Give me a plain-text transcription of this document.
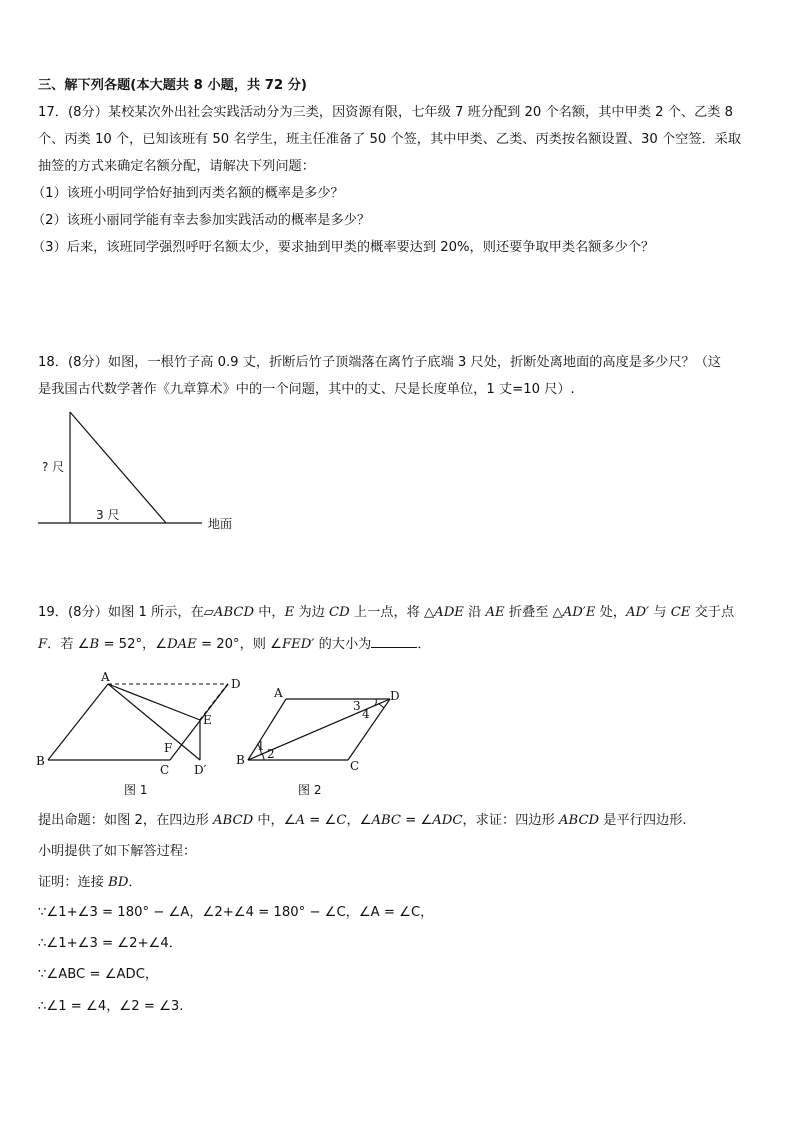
三、解下列各题(本大题共 8 小题，共 72 分)
17．(8分）某校某次外出社会实践活动分为三类，因资源有限，七年级 7 班分配到 20 个名额，其中甲类 2 个、乙类 8
个、丙类 10 个，已知该班有 50 名学生，班主任准备了 50 个签，其中甲类、乙类、丙类按名额设置、30 个空签．采取
抽签的方式来确定名额分配，请解决下列问题：
（1）该班小明同学恰好抽到丙类名额的概率是多少？
（2）该班小丽同学能有幸去参加实践活动的概率是多少？
（3）后来，该班同学强烈呼吁名额太少，要求抽到甲类的概率要达到 20%，则还要争取甲类名额多少个？
18．(8分）如图，一根竹子高 0.9 丈，折断后竹子顶端落在离竹子底端 3 尺处，折断处离地面的高度是多少尺？（这
是我国古代数学著作《九章算术》中的一个问题，其中的丈、尺是长度单位，1 丈=10 尺）.
? 尺
3 尺
地面
19．(8分）如图 1 所示，在▱ABCD 中，E 为边 CD 上一点，将 △ADE 沿 AE 折叠至 △AD′E 处，AD′ 与 CE 交于点
F．若 ∠B = 52°，∠DAE = 20°，则 ∠FED′ 的大小为	．
A
B
C
D
E
F
D′
图 1
A
B	C
D
1
2
3
4
图 2
提出命题：如图 2，在四边形 ABCD 中，∠A = ∠C，∠ABC = ∠ADC，求证：四边形 ABCD 是平行四边形.
小明提供了如下解答过程：
证明：连接 BD．
∵∠1+∠3 = 180° − ∠A，∠2+∠4 = 180° − ∠C，∠A = ∠C，
∴∠1+∠3 = ∠2+∠4．
∵∠ABC = ∠ADC，
∴∠1 = ∠4，∠2 = ∠3.
